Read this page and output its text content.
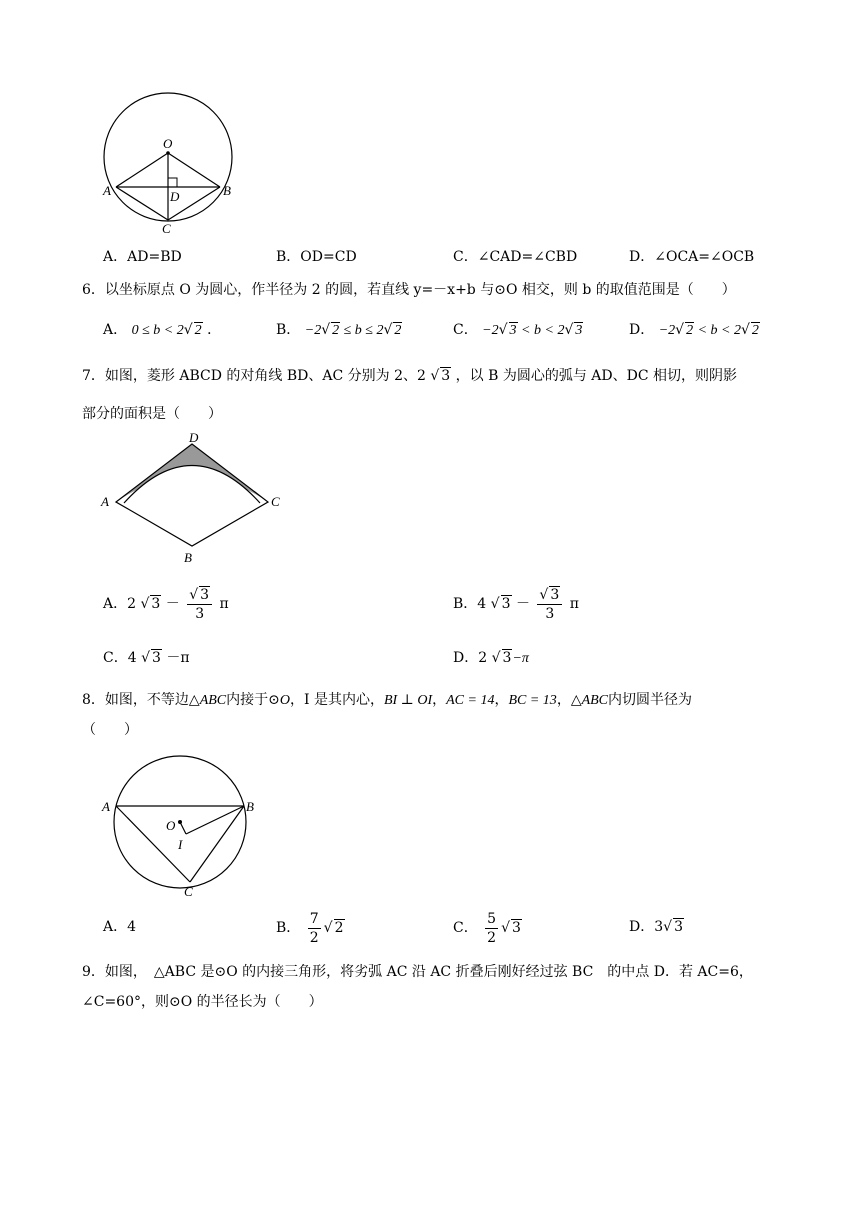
O
A	B
D
C
A．AD=BD	B．OD=CD	C．∠CAD=∠CBD	D．∠OCA=∠OCB
6．以坐标原点 O 为圆心，作半径为 2 的圆，若直线 y=－x+b 与⊙O 相交，则 b 的取值范围是（　　）
A． 0 ≤ b < 2√ 2 ．	B． −2√ 2 ≤ b ≤ 2√ 2	C． −2√ 3 < b < 2√ 3	D． −2√ 2 < b < 2√ 2
7．如图，菱形 ABCD 的对角线 BD、AC 分别为 2、2 √ 3 ，以 B 为圆心的弧与 AD、DC 相切，则阴影
部分的面积是（　　）
D
A	C
B
A．2 √ $3 - \frac{√ 3}{3}$ π	B．4 √ $3 - \frac{√ 3}{3}$ π
C．4 √ 3 －π	D．2 √ 3−π
8．如图，不等边△ABC内接于⊙O，I 是其内心，BI ⊥ OI，AC = 14，BC = 13，△ABC内切圆半径为
（　　）
A	B
C
O
I
A．4	B． $\frac{7}{2}$ √ 2	C． $\frac{5}{2}$ √ 3	D．3√ 3
9．如图，　△ABC 是⊙O 的内接三角形，将劣弧 AC 沿 AC 折叠后刚好经过弦 BC　的中点 D．若 AC=6，
∠C=60°，则⊙O 的半径长为（　　）
